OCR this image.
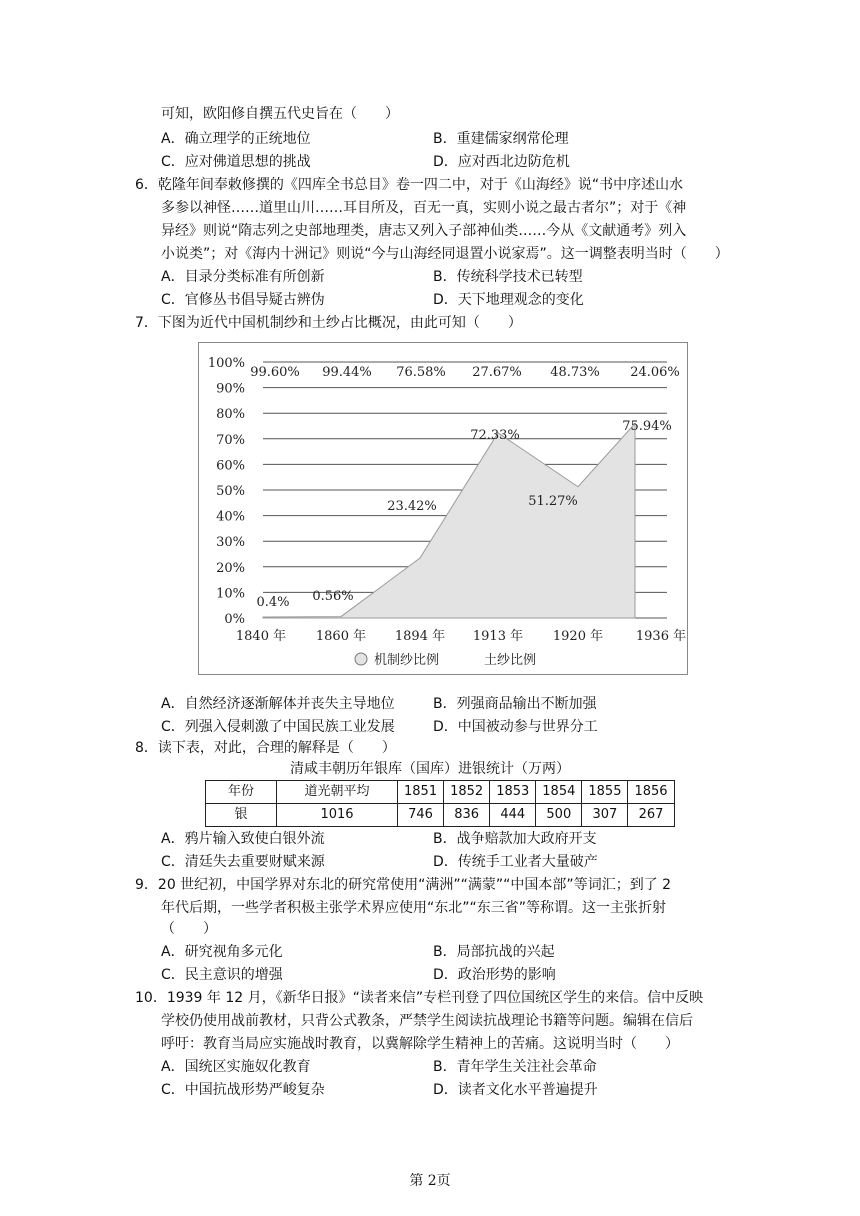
可知，欧阳修自撰五代史旨在（　　）
A．确立理学的正统地位	B．重建儒家纲常伦理
C．应对佛道思想的挑战	D．应对西北边防危机
6．乾隆年间奉敕修撰的《四库全书总目》卷一四二中，对于《山海经》说“书中序述山水
多参以神怪……道里山川……耳目所及，百无一真，实则小说之最古者尔”；对于《神
异经》则说“隋志列之史部地理类，唐志又列入子部神仙类……今从《文献通考》列入
小说类”；对《海内十洲记》则说“今与山海经同退置小说家焉”。这一调整表明当时（　　）
A．目录分类标准有所创新	B．传统科学技术已转型
C．官修丛书倡导疑古辨伪	D．天下地理观念的变化
7．下图为近代中国机制纱和土纱占比概况，由此可知（　　）
0%
10%
20%
30%
40%
50%
60%
70%
80%
90%
100%
0.4% 0.56%
23.42%
72.33%
51.27%
75.94%
99.60% 99.44% 76.58% 27.67% 48.73% 24.06%
1840 年 1860 年 1894 年 1913 年 1920 年	1936 年
机制纱比例	土纱比例
A．自然经济逐渐解体并丧失主导地位	B．列强商品输出不断加强
C．列强入侵刺激了中国民族工业发展	D．中国被动参与世界分工
8．读下表，对此，合理的解释是（　　）
清咸丰朝历年银库（国库）进银统计（万两）
年份	道光朝平均	1851	1852	1853	1854	1855	1856
银	1016	746	836	444	500	307	267
A．鸦片输入致使白银外流	B．战争赔款加大政府开支
C．清廷失去重要财赋来源	D．传统手工业者大量破产
9．20 世纪初，中国学界对东北的研究常使用“满洲”“满蒙”“中国本部”等词汇；到了 2
年代后期，一些学者积极主张学术界应使用“东北”“东三省”等称谓。这一主张折射
（　　）
A．研究视角多元化	B．局部抗战的兴起
C．民主意识的增强	D．政治形势的影响
10．1939 年 12 月，《新华日报》“读者来信”专栏刊登了四位国统区学生的来信。信中反映
学校仍使用战前教材，只背公式教条，严禁学生阅读抗战理论书籍等问题。编辑在信后
呼吁：教育当局应实施战时教育，以冀解除学生精神上的苦痛。这说明当时（　　）
A．国统区实施奴化教育	B．青年学生关注社会革命
C．中国抗战形势严峻复杂	D．读者文化水平普遍提升
第 2页
